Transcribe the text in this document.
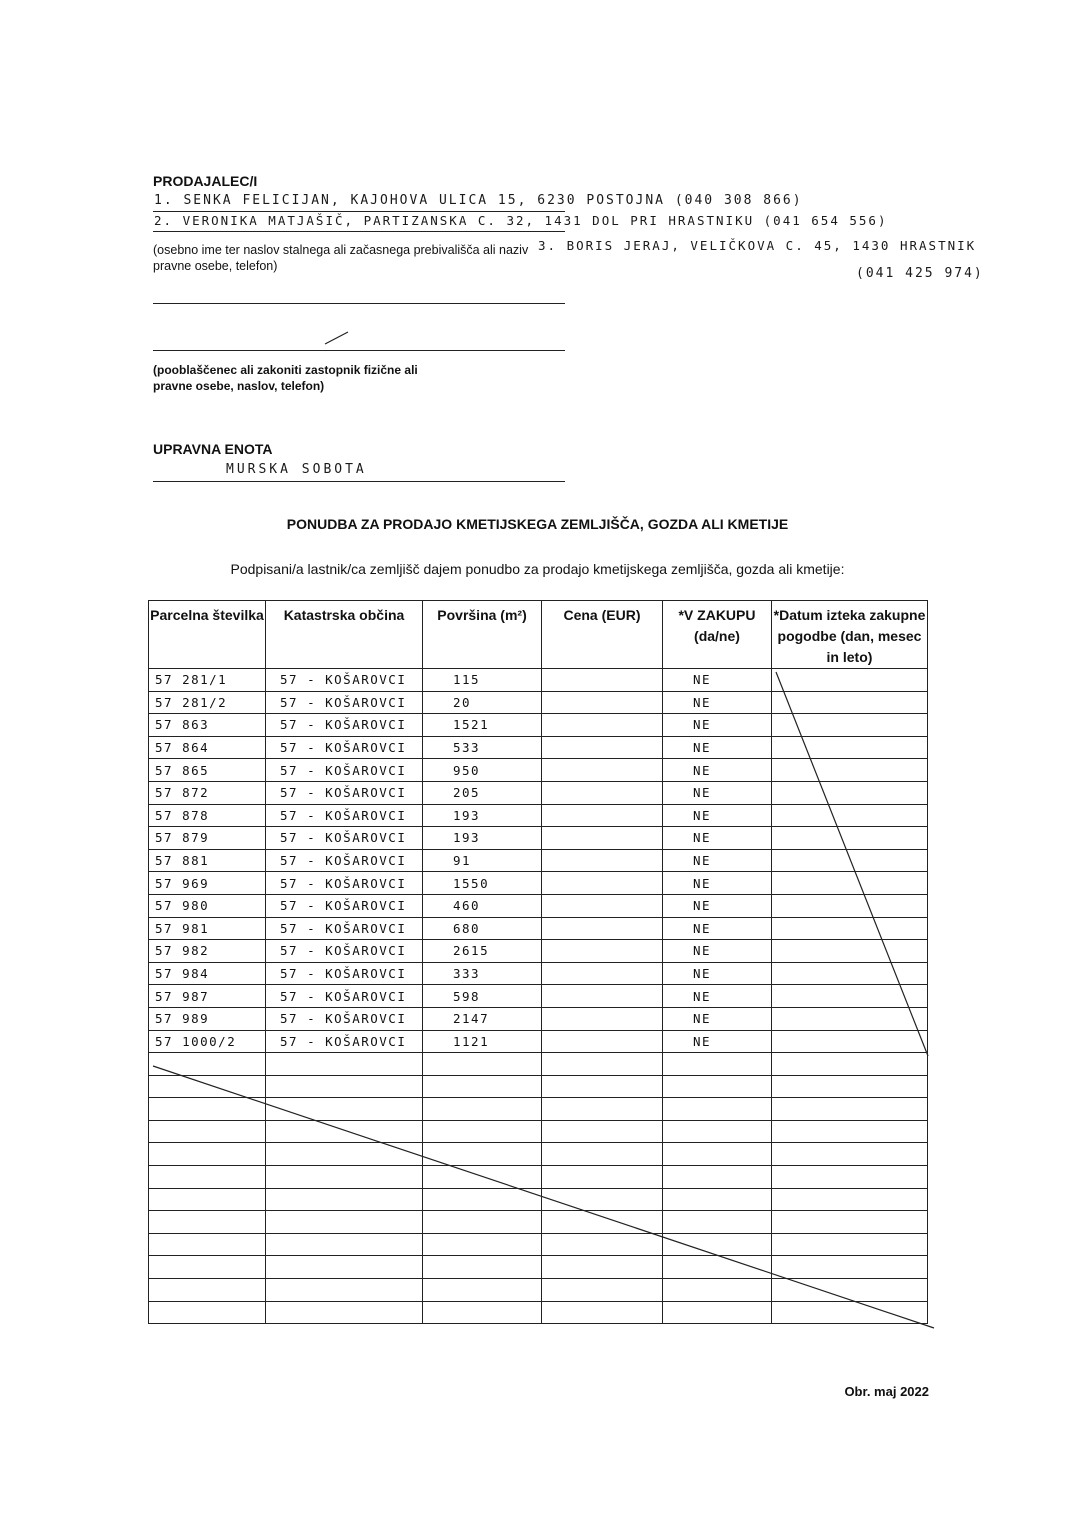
PRODAJALEC/I
1. SENKA FELICIJAN, KAJOHOVA ULICA 15, 6230 POSTOJNA (040 308 866)
2. VERONIKA MATJAŠIČ, PARTIZANSKA C. 32, 1431 DOL PRI HRASTNIKU (041 654 556)
(osebno ime ter naslov stalnega ali začasnega prebivališča ali naziv pravne osebe, telefon)
3. BORIS JERAJ, VELIČKOVA C. 45, 1430 HRASTNIK
(041 425 974)
(pooblaščenec ali zakoniti zastopnik fizične ali pravne osebe, naslov, telefon)
UPRAVNA ENOTA
MURSKA SOBOTA
PONUDBA ZA PRODAJO KMETIJSKEGA ZEMLJIŠČA, GOZDA ALI KMETIJE
Podpisani/a lastnik/ca zemljišč dajem ponudbo za prodajo kmetijskega zemljišča, gozda ali kmetije:
Parcelna številka	Katastrska občina	Površina (m²)	Cena (EUR)	*V ZAKUPU (da/ne)	*Datum izteka zakupne pogodbe (dan, mesec in leto)
57 281/1	57 - KOŠAROVCI	115		NE	
57 281/2	57 - KOŠAROVCI	20		NE	
57 863	57 - KOŠAROVCI	1521		NE	
57 864	57 - KOŠAROVCI	533		NE	
57 865	57 - KOŠAROVCI	950		NE	
57 872	57 - KOŠAROVCI	205		NE	
57 878	57 - KOŠAROVCI	193		NE	
57 879	57 - KOŠAROVCI	193		NE	
57 881	57 - KOŠAROVCI	91		NE	
57 969	57 - KOŠAROVCI	1550		NE	
57 980	57 - KOŠAROVCI	460		NE	
57 981	57 - KOŠAROVCI	680		NE	
57 982	57 - KOŠAROVCI	2615		NE	
57 984	57 - KOŠAROVCI	333		NE	
57 987	57 - KOŠAROVCI	598		NE	
57 989	57 - KOŠAROVCI	2147		NE	
57 1000/2	57 - KOŠAROVCI	1121		NE	

Obr. maj 2022
